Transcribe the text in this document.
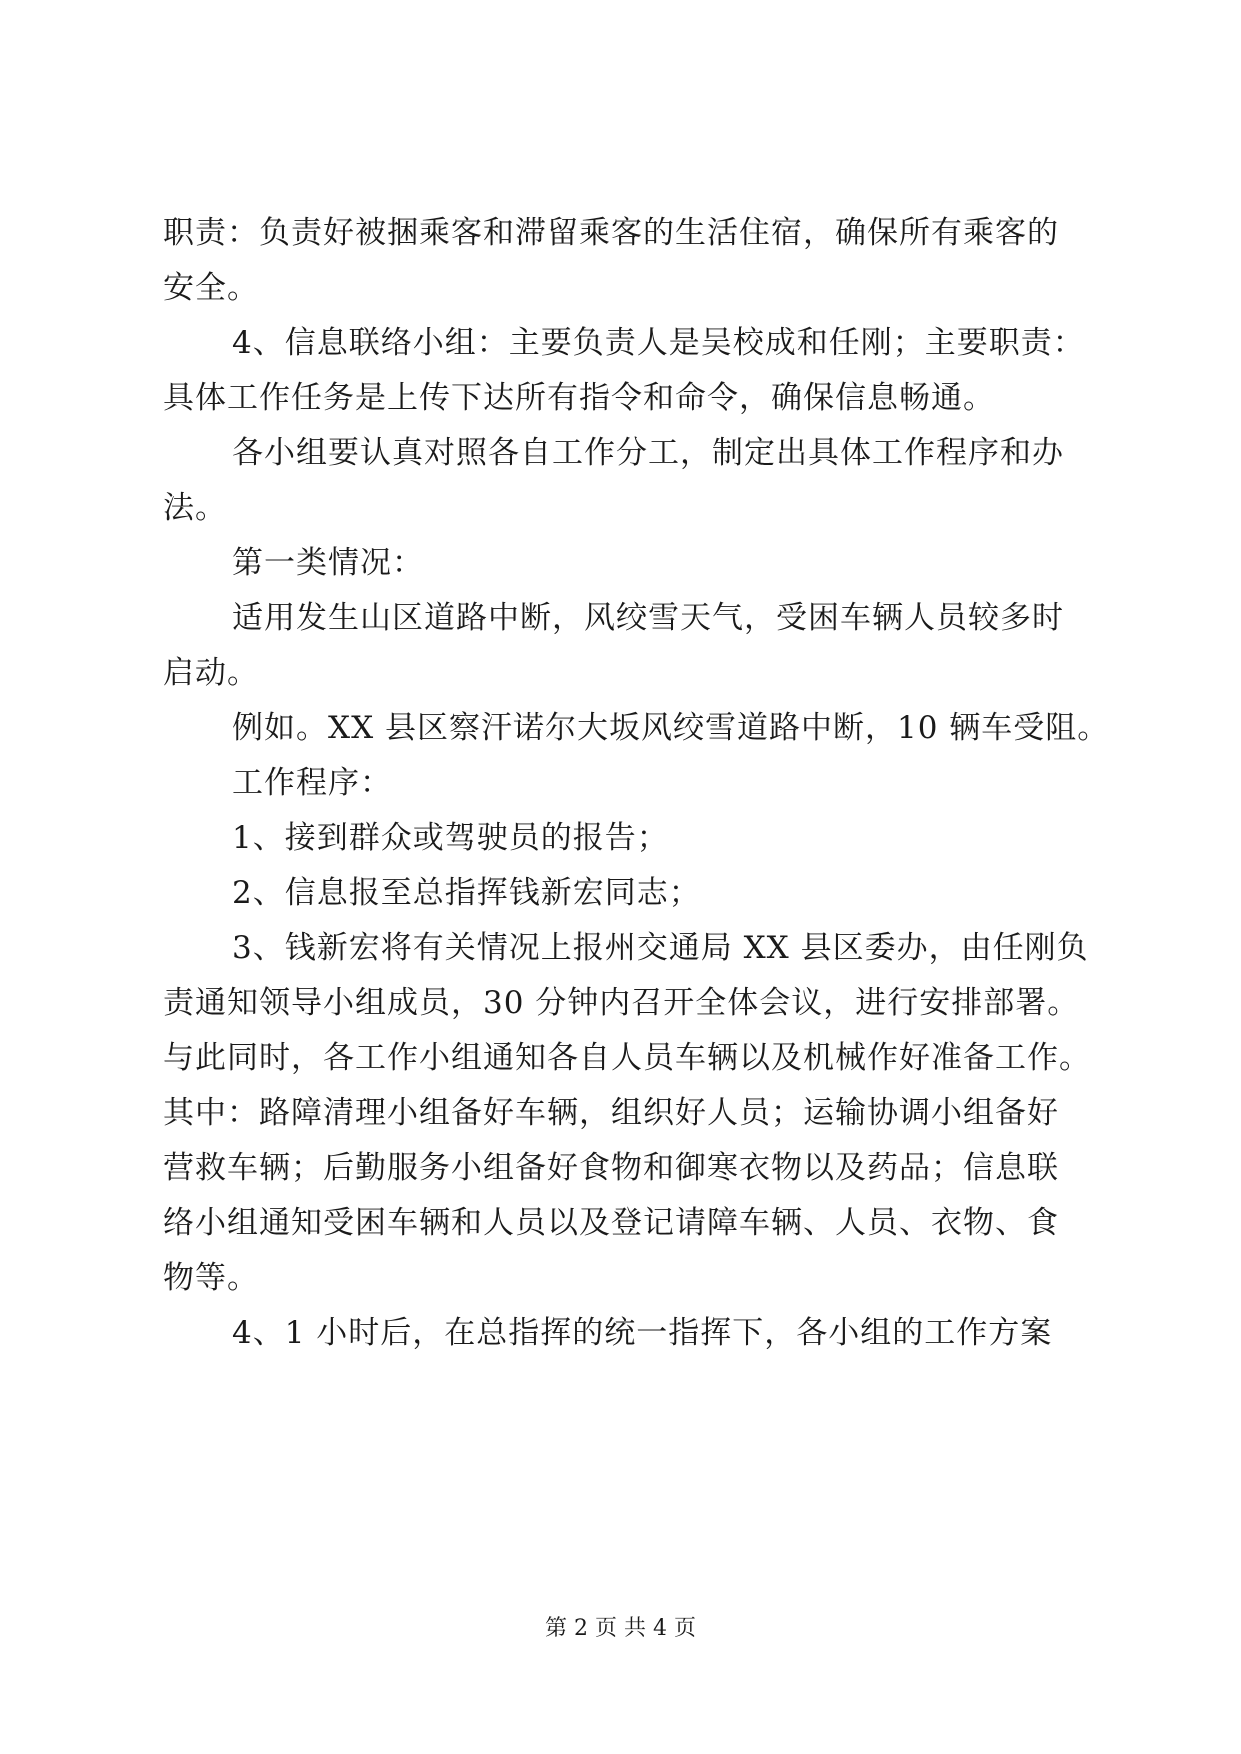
职责：负责好被捆乘客和滞留乘客的生活住宿，确保所有乘客的
安全。
4、信息联络小组：主要负责人是吴校成和任刚；主要职责：
具体工作任务是上传下达所有指令和命令，确保信息畅通。
各小组要认真对照各自工作分工，制定出具体工作程序和办
法。
第一类情况：
适用发生山区道路中断，风绞雪天气，受困车辆人员较多时
启动。
例如。XX 县区察汗诺尔大坂风绞雪道路中断，10 辆车受阻。
工作程序：
1、接到群众或驾驶员的报告；
2、信息报至总指挥钱新宏同志；
3、钱新宏将有关情况上报州交通局 XX 县区委办，由任刚负
责通知领导小组成员，30 分钟内召开全体会议，进行安排部署。
与此同时，各工作小组通知各自人员车辆以及机械作好准备工作。
其中：路障清理小组备好车辆，组织好人员；运输协调小组备好
营救车辆；后勤服务小组备好食物和御寒衣物以及药品；信息联
络小组通知受困车辆和人员以及登记请障车辆、人员、衣物、食
物等。
4、1 小时后，在总指挥的统一指挥下，各小组的工作方案
第 2 页 共 4 页
